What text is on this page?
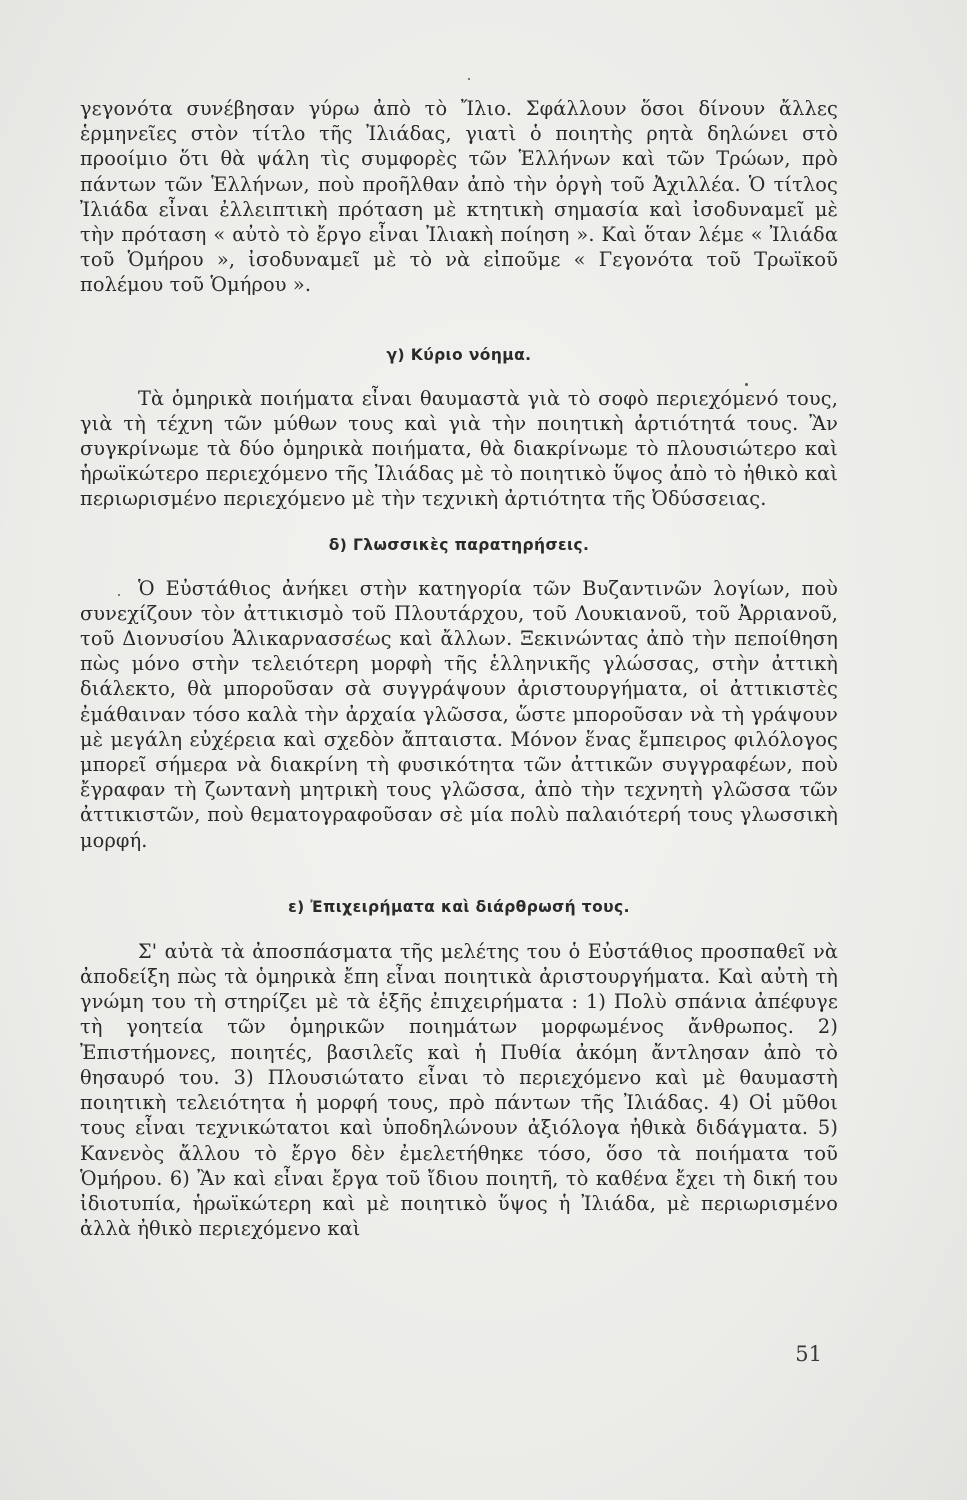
γεγονότα συνέβησαν γύρω ἀπὸ τὸ Ἴλιο. Σφάλλουν ὅσοι δίνουν ἄλλες ἑρμηνεῖες στὸν τίτλο τῆς Ἰλιάδας, γιατὶ ὁ ποιητὴς ρητὰ δηλώνει στὸ προοίμιο ὅτι θὰ ψάλη τὶς συμφορὲς τῶν Ἑλλήνων καὶ τῶν Τρώων, πρὸ πάντων τῶν Ἑλλήνων, ποὺ προῆλθαν ἀπὸ τὴν ὀργὴ τοῦ Ἀχιλλέα. Ὁ τίτλος Ἰλιάδα εἶναι ἐλλειπτικὴ πρόταση μὲ κτητικὴ σημασία καὶ ἰσοδυναμεῖ μὲ τὴν πρόταση « αὐτὸ τὸ ἔργο εἶναι Ἰλιακὴ ποίηση ». Καὶ ὅταν λέμε « Ἰλιάδα τοῦ Ὁμήρου », ἰσοδυναμεῖ μὲ τὸ νὰ εἰποῦμε « Γεγονότα τοῦ Τρωϊκοῦ πολέμου τοῦ Ὁμήρου ».

γ) Κύριο νόημα.

Τὰ ὁμηρικὰ ποιήματα εἶναι θαυμαστὰ γιὰ τὸ σοφὸ περιεχόμενό τους, γιὰ τὴ τέχνη τῶν μύθων τους καὶ γιὰ τὴν ποιητικὴ ἀρτιότητά τους. Ἂν συγκρίνωμε τὰ δύο ὁμηρικὰ ποιήματα, θὰ διακρίνωμε τὸ πλουσιώτερο καὶ ἡρωϊκώτερο περιεχόμενο τῆς Ἰλιάδας μὲ τὸ ποιητικὸ ὕψος ἀπὸ τὸ ἠθικὸ καὶ περιωρισμένο περιεχόμενο μὲ τὴν τεχνικὴ ἀρτιότητα τῆς Ὀδύσσειας.

δ) Γλωσσικὲς παρατηρήσεις.

Ὁ Εὐστάθιος ἀνήκει στὴν κατηγορία τῶν Βυζαντινῶν λογίων, ποὺ συνεχίζουν τὸν ἀττικισμὸ τοῦ Πλουτάρχου, τοῦ Λουκιανοῦ, τοῦ Ἀρριανοῦ, τοῦ Διονυσίου Ἁλικαρνασσέως καὶ ἄλλων. Ξεκινώντας ἀπὸ τὴν πεποίθηση πὼς μόνο στὴν τελειότερη μορφὴ τῆς ἑλληνικῆς γλώσσας, στὴν ἀττικὴ διάλεκτο, θὰ μποροῦσαν σὰ συγγράψουν ἀριστουργήματα, οἱ ἀττικιστὲς ἐμάθαιναν τόσο καλὰ τὴν ἀρχαία γλῶσσα, ὥστε μποροῦσαν νὰ τὴ γράψουν μὲ μεγάλη εὐχέρεια καὶ σχεδὸν ἄπταιστα. Μόνον ἕνας ἔμπειρος φιλόλογος μπορεῖ σήμερα νὰ διακρίνη τὴ φυσικότητα τῶν ἀττικῶν συγγραφέων, ποὺ ἔγραφαν τὴ ζωντανὴ μητρικὴ τους γλῶσσα, ἀπὸ τὴν τεχνητὴ γλῶσσα τῶν ἀττικιστῶν, ποὺ θεματογραφοῦσαν σὲ μία πολὺ παλαιότερή τους γλωσσικὴ μορφή.

ε) Ἐπιχειρήματα καὶ διάρθρωσή τους.

Σ' αὐτὰ τὰ ἀποσπάσματα τῆς μελέτης του ὁ Εὐστάθιος προσπαθεῖ νὰ ἀποδείξη πὼς τὰ ὁμηρικὰ ἔπη εἶναι ποιητικὰ ἀριστουργήματα. Καὶ αὐτὴ τὴ γνώμη του τὴ στηρίζει μὲ τὰ ἑξῆς ἐπιχειρήματα : 1) Πολὺ σπάνια ἀπέφυγε τὴ γοητεία τῶν ὁμηρικῶν ποιημάτων μορφωμένος ἄνθρωπος. 2) Ἐπιστήμονες, ποιητές, βασιλεῖς καὶ ἡ Πυθία ἀκόμη ἄντλησαν ἀπὸ τὸ θησαυρό του. 3) Πλουσιώτατο εἶναι τὸ περιεχόμενο καὶ μὲ θαυμαστὴ ποιητικὴ τελειότητα ἡ μορφή τους, πρὸ πάντων τῆς Ἰλιάδας. 4) Οἱ μῦθοι τους εἶναι τεχνικώτατοι καὶ ὑποδηλώνουν ἀξιόλογα ἠθικὰ διδάγματα. 5) Κανενὸς ἄλλου τὸ ἔργο δὲν ἐμελετήθηκε τόσο, ὅσο τὰ ποιήματα τοῦ Ὁμήρου. 6) Ἂν καὶ εἶναι ἔργα τοῦ ἴδιου ποιητῆ, τὸ καθένα ἔχει τὴ δική του ἰδιοτυπία, ἡρωϊκώτερη καὶ μὲ ποιητικὸ ὕψος ἡ Ἰλιάδα, μὲ περιωρισμένο ἀλλὰ ἠθικὸ περιεχόμενο καὶ

51
